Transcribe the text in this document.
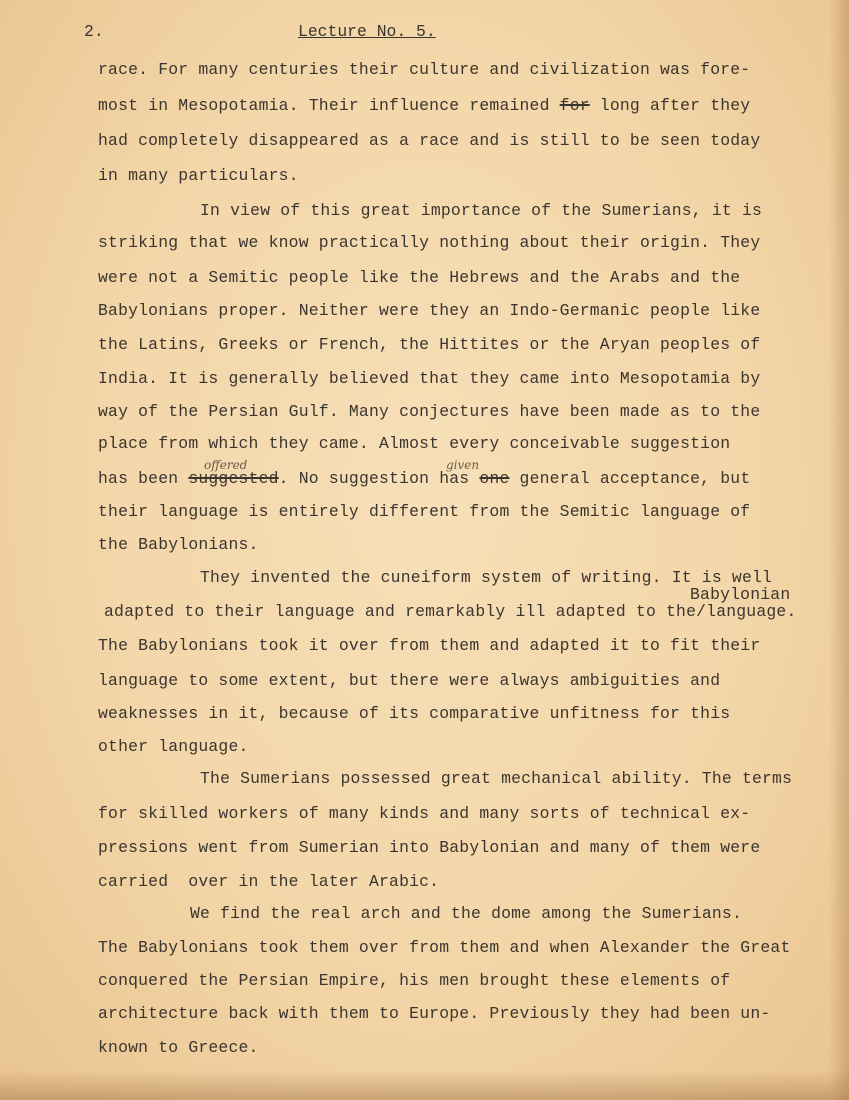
2.	Lecture No. 5.
race. For many centuries their culture and civilization was fore-
most in Mesopotamia. Their influence remained for long after they
had completely disappeared as a race and is still to be seen today
in many particulars.
In view of this great importance of the Sumerians, it is
striking that we know practically nothing about their origin. They
were not a Semitic people like the Hebrews and the Arabs and the
Babylonians proper. Neither were they an Indo-Germanic people like
the Latins, Greeks or French, the Hittites or the Aryan peoples of
India. It is generally believed that they came into Mesopotamia by
way of the Persian Gulf. Many conjectures have been made as to the
place from which they came. Almost every conceivable suggestion
offered	given
has been suggested. No suggestion has one general acceptance, but
their language is entirely different from the Semitic language of
the Babylonians.
They invented the cuneiform system of writing. It is well
Babylonian
adapted to their language and remarkably ill adapted to the/language.
The Babylonians took it over from them and adapted it to fit their
language to some extent, but there were always ambiguities and
weaknesses in it, because of its comparative unfitness for this
other language.
The Sumerians possessed great mechanical ability. The terms
for skilled workers of many kinds and many sorts of technical ex-
pressions went from Sumerian into Babylonian and many of them were
carried  over in the later Arabic.
We find the real arch and the dome among the Sumerians.
The Babylonians took them over from them and when Alexander the Great
conquered the Persian Empire, his men brought these elements of
architecture back with them to Europe. Previously they had been un-
known to Greece.
